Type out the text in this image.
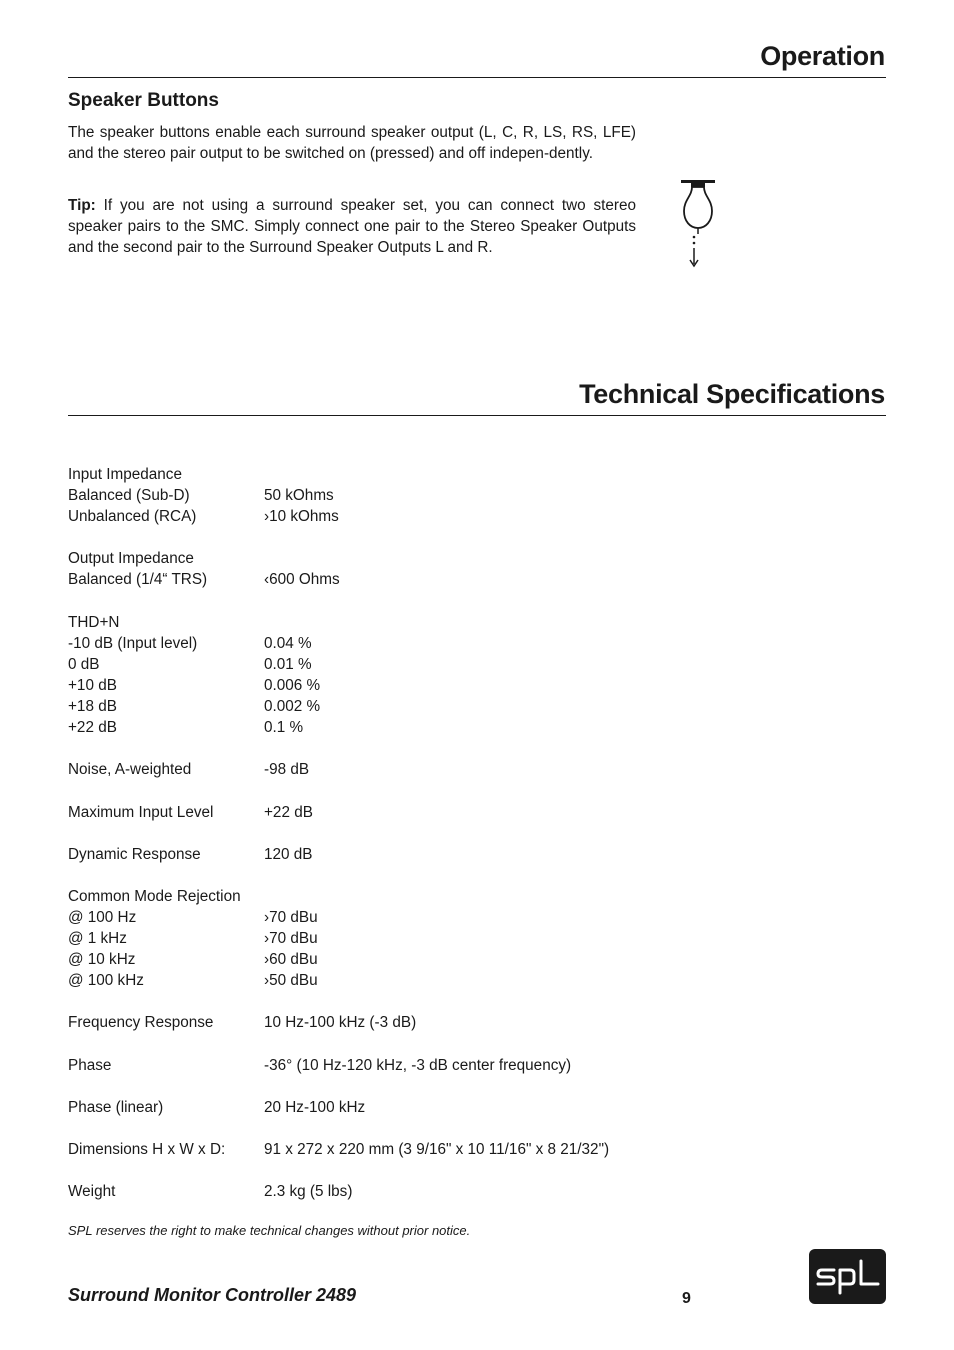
Operation
Speaker Buttons

The speaker buttons enable each surround speaker output (L, C, R, LS, RS, LFE) and the stereo pair output to be switched on (pressed) and off indepen-dently.

Tip: If you are not using a surround speaker set, you can connect two stereo speaker pairs to the SMC. Simply connect one pair to the Stereo Speaker Outputs and the second pair to the Surround Speaker Outputs L and R.

Technical Specifications
Input Impedance
Balanced (Sub-D)	50 kOhms
Unbalanced (RCA)	›10 kOhms
Output Impedance
Balanced (1/4“ TRS)	‹600 Ohms
THD+N
-10 dB (Input level)	0.04 %
0 dB	0.01 %
+10 dB	0.006 %
+18 dB	0.002 %
+22 dB	0.1 %
Noise, A-weighted	-98 dB
Maximum Input Level	+22 dB
Dynamic Response	120 dB
Common Mode Rejection
@ 100 Hz	›70 dBu
@ 1 kHz	›70 dBu
@ 10 kHz	›60 dBu
@ 100 kHz	›50 dBu
Frequency Response	10 Hz-100 kHz (-3 dB)
Phase	-36° (10 Hz-120 kHz, -3 dB center frequency)
Phase (linear)	20 Hz-100 kHz
Dimensions H x W x D:	91 x 272 x 220 mm (3 9/16" x 10 11/16" x 8 21/32")
Weight	2.3 kg (5 lbs)

SPL reserves the right to make technical changes without prior notice.

Surround Monitor Controller 2489	9
